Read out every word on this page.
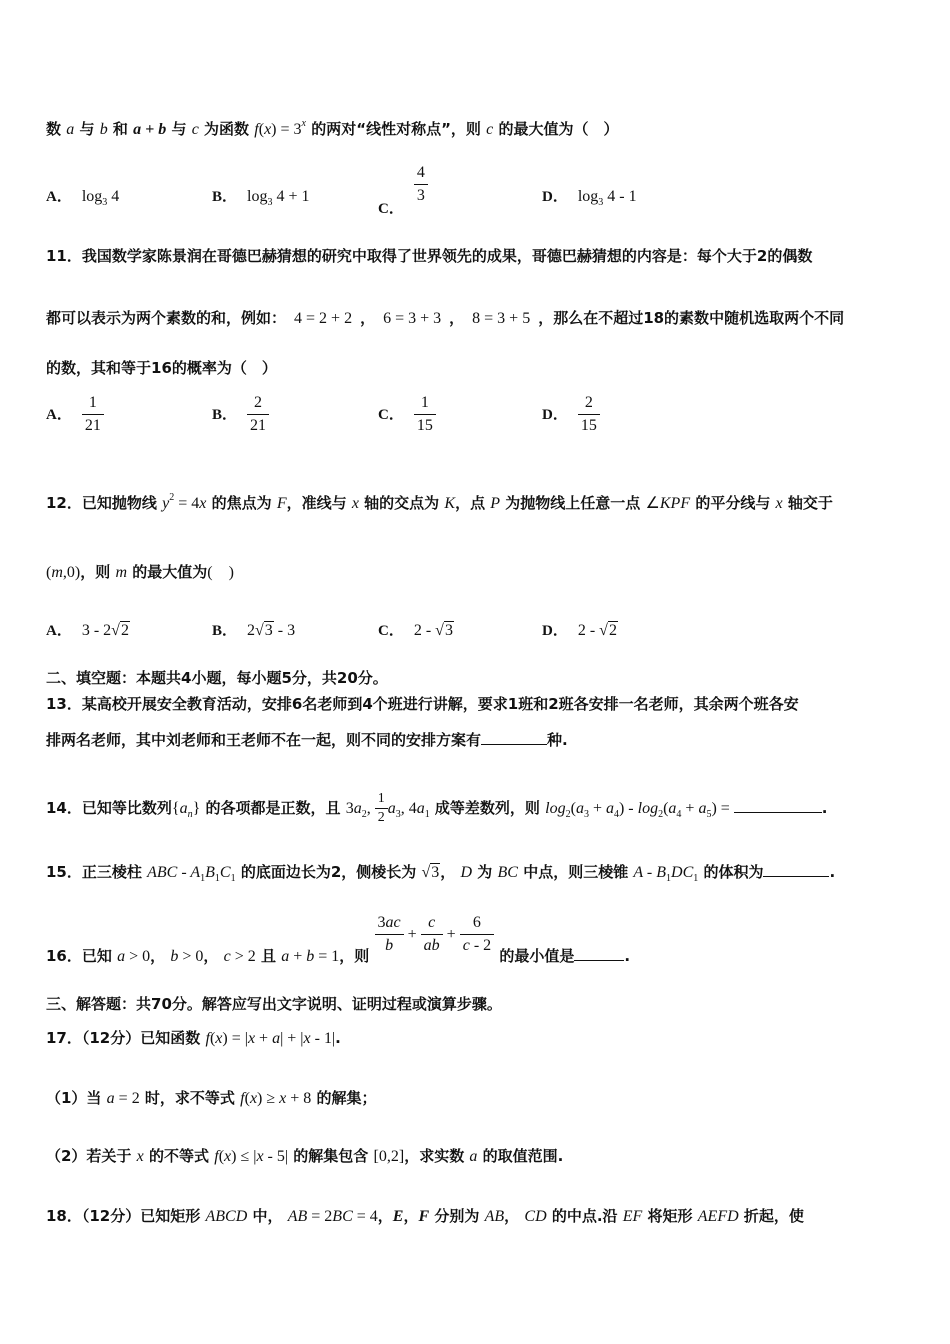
数 a 与 b 和 a + b 与 c 为函数 $f(x) = 3^x$ 的两对“线性对称点”，则 c 的最大值为（　）
A． $\log_3 4$	B． $\log_3 4 + 1$
C．
$\frac{4}{3}$	D． $\log_3 4 - 1$
11．我国数学家陈景润在哥德巴赫猜想的研究中取得了世界领先的成果，哥德巴赫猜想的内容是：每个大于2的偶数
都可以表示为两个素数的和，例如： 4 = 2 + 2 ， 6 = 3 + 3 ， 8 = 3 + 5 ，那么在不超过18的素数中随机选取两个不同
的数，其和等于16的概率为（　）
A． $\frac{1}{21}$	B． $\frac{2}{21}$	C． $\frac{1}{15}$	D． $\frac{2}{15}$
12．已知抛物线 $y^2 = 4x$ 的焦点为 F，准线与 x 轴的交点为 K，点 P 为抛物线上任意一点 ∠KPF 的平分线与 x 轴交于
(m,0)，则 m 的最大值为(　)
A． 3 - 2√2	B． 2√3 - 3	C． 2 - √3	D． 2 - √2
二、填空题：本题共4小题，每小题5分，共20分。
13．某高校开展安全教育活动，安排6名老师到4个班进行讲解，要求1班和2班各安排一名老师，其余两个班各安
排两名老师，其中刘老师和王老师不在一起，则不同的安排方案有	种.
14．已知等比数列$\{a_n\}$ 的各项都是正数，且 $3a_2$, $\frac{1}{2} a_3$, $4a_1$ 成等差数列，则 $\log_2(a_3 + a_4) - \log_2(a_4 + a_5)$ =	.
15．正三棱柱 ABC - $A_1B_1C_1$ 的底面边长为2，侧棱长为 √3， D 为 BC 中点，则三棱锥 A - $B_1DC_1$ 的体积为	.
16．已知 a > 0， b > 0， c > 2 且 a + b = 1，则 $\frac{3ac}{b} + \frac{c}{ab} + \frac{6}{c - 2}$ 的最小值是	.
三、解答题：共70分。解答应写出文字说明、证明过程或演算步骤。
17．（12分）已知函数 f(x) = |x + a| + |x - 1|.
（1）当 a = 2 时，求不等式 f(x) ≥ x + 8 的解集；
（2）若关于 x 的不等式 f(x) ≤ |x - 5| 的解集包含 [0,2]，求实数 a 的取值范围.
18．（12分）已知矩形 ABCD 中， AB = 2BC = 4，E，F 分别为 AB， CD 的中点.沿 EF 将矩形 AEFD 折起，使
